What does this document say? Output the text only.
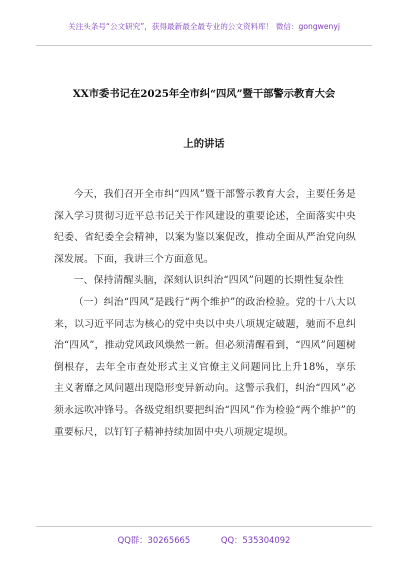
关注头条号“公文研究”，获得最新最全最专业的公文资料库！ 微信：gongwenyj
XX市委书记在2025年全市纠“四风”暨干部警示教育大会
上的讲话

今天，我们召开全市纠“四风”暨干部警示教育大会，主要任务是深入学习贯彻习近平总书记关于作风建设的重要论述，全面落实中央纪委、省纪委全会精神，以案为鉴以案促改，推动全面从严治党向纵深发展。下面，我讲三个方面意见。

一、保持清醒头脑，深刻认识纠治“四风”问题的长期性复杂性

（一）纠治“四风”是践行“两个维护”的政治检验。党的十八大以来，以习近平同志为核心的党中央以中央八项规定破题，驰而不息纠治“四风”，推动党风政风焕然一新。但必须清醒看到，“四风”问题树倒根存，去年全市查处形式主义官僚主义问题同比上升18%，享乐主义奢靡之风问题出现隐形变异新动向。这警示我们，纠治“四风”必须永远吹冲锋号。各级党组织要把纠治“四风”作为检验“两个维护”的重要标尺，以钉钉子精神持续加固中央八项规定堤坝。

QQ群：30265665	QQ：535304092
